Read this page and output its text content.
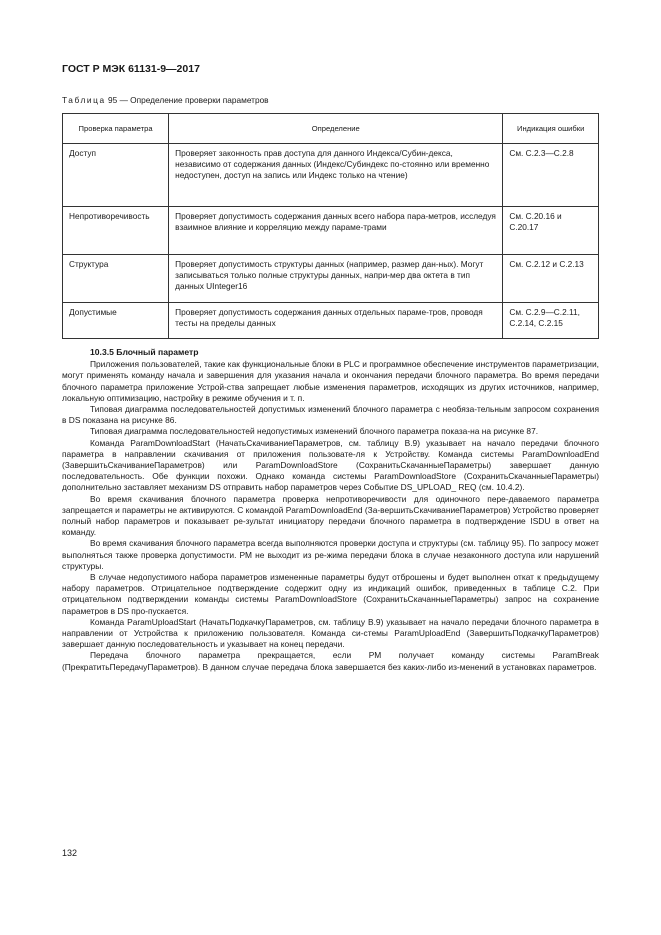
ГОСТ Р МЭК 61131-9—2017
Таблица 95 — Определение проверки параметров
Проверка параметра	Определение	Индикация ошибки
Доступ	Проверяет законность прав доступа для данного Индекса/Субин-декса, независимо от содержания данных (Индекс/Субиндекс по-стоянно или временно недоступен, доступ на запись или Индекс только на чтение)	См. С.2.3—С.2.8
Непротиворечивость	Проверяет допустимость содержания данных всего набора пара-метров, исследуя взаимное влияние и корреляцию между параме-трами	См. С.20.16 и С.20.17
Структура	Проверяет допустимость структуры данных (например, размер дан-ных). Могут записываться только полные структуры данных, напри-мер два октета в тип данных UInteger16	См. С.2.12 и С.2.13
Допустимые	Проверяет допустимость содержания данных отдельных параме-тров, проводя тесты на пределы данных	См. С.2.9—С.2.11, С.2.14, С.2.15
10.3.5 Блочный параметр

Приложения пользователей, такие как функциональные блоки в PLC и программное обеспечение инструментов параметризации, могут применять команду начала и завершения для указания начала и окончания передачи блочного параметра. Во время передачи блочного параметра приложение Устрой-ства запрещает любые изменения параметров, исходящих из других источников, например, локальную оптимизацию, настройку в режиме обучения и т. п.

Типовая диаграмма последовательностей допустимых изменений блочного параметра с необяза-тельным запросом сохранения в DS показана на рисунке 86.

Типовая диаграмма последовательностей недопустимых изменений блочного параметра показа-на на рисунке 87.

Команда ParamDownloadStart (НачатьСкачиваниеПараметров, см. таблицу В.9) указывает на начало передачи блочного параметра в направлении скачивания от приложения пользовате-ля к Устройству. Команда системы ParamDownloadEnd (ЗавершитьСкачиваниеПараметров) или ParamDownloadStore (СохранитьСкачанныеПараметры) завершает данную последовательность. Обе функции похожи. Однако команда системы ParamDownloadStore (СохранитьСкачанныеПараметры) дополнительно заставляет механизм DS отправить набор параметров через Событие DS_UPLOAD_ REQ (см. 10.4.2).

Во время скачивания блочного параметра проверка непротиворечивости для одиночного пере-даваемого параметра запрещается и параметры не активируются. С командой ParamDownloadEnd (За-вершитьСкачиваниеПараметров) Устройство проверяет полный набор параметров и показывает ре-зультат инициатору передачи блочного параметра в подтверждение ISDU в ответ на команду.

Во время скачивания блочного параметра всегда выполняются проверки доступа и структуры (см. таблицу 95). По запросу может выполняться также проверка допустимости. РМ не выходит из ре-жима передачи блока в случае незаконного доступа или нарушений структуры.

В случае недопустимого набора параметров измененные параметры будут отброшены и будет выполнен откат к предыдущему набору параметров. Отрицательное подтверждение содержит одну из индикаций ошибок, приведенных в таблице С.2. При отрицательном подтверждении команды системы ParamDownloadStore (СохранитьСкачанныеПараметры) запрос на сохранение параметров в DS про-пускается.

Команда ParamUploadStart (НачатьПодкачкуПараметров, см. таблицу В.9) указывает на начало передачи блочного параметра в направлении от Устройства к приложению пользователя. Команда си-стемы ParamUploadEnd (ЗавершитьПодкачкуПараметров) завершает данную последовательность и указывает на конец передачи.

Передача блочного параметра прекращается, если РМ получает команду системы ParamBreak (ПрекратитьПередачуПараметров). В данном случае передача блока завершается без каких-либо из-менений в установках параметров.

132
